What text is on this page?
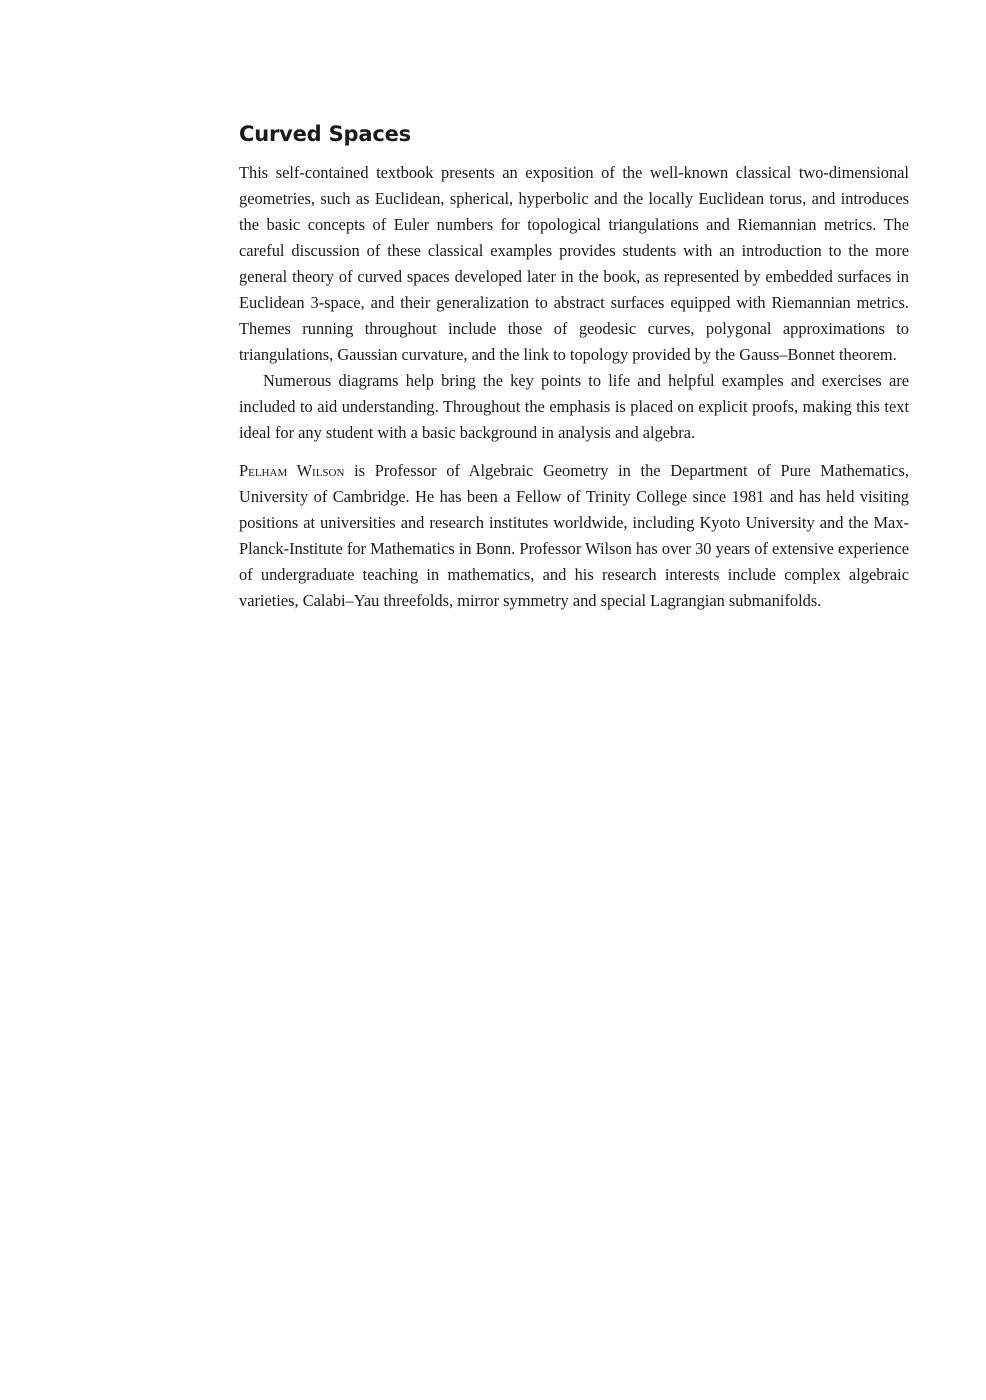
Curved Spaces

This self-contained textbook presents an exposition of the well-known classical two-dimensional geometries, such as Euclidean, spherical, hyperbolic and the locally Euclidean torus, and introduces the basic concepts of Euler numbers for topological triangulations and Riemannian metrics. The careful discussion of these classical examples provides students with an introduction to the more general theory of curved spaces developed later in the book, as represented by embedded surfaces in Euclidean 3-space, and their generalization to abstract surfaces equipped with Riemannian metrics. Themes running throughout include those of geodesic curves, polygonal approximations to triangulations, Gaussian curvature, and the link to topology provided by the Gauss–Bonnet theorem.

Numerous diagrams help bring the key points to life and helpful examples and exercises are included to aid understanding. Throughout the emphasis is placed on explicit proofs, making this text ideal for any student with a basic background in analysis and algebra.

Pelham Wilson is Professor of Algebraic Geometry in the Department of Pure Mathematics, University of Cambridge. He has been a Fellow of Trinity College since 1981 and has held visiting positions at universities and research institutes worldwide, including Kyoto University and the Max-Planck-Institute for Mathematics in Bonn. Professor Wilson has over 30 years of extensive experience of undergraduate teaching in mathematics, and his research interests include complex algebraic varieties, Calabi–Yau threefolds, mirror symmetry and special Lagrangian submanifolds.
